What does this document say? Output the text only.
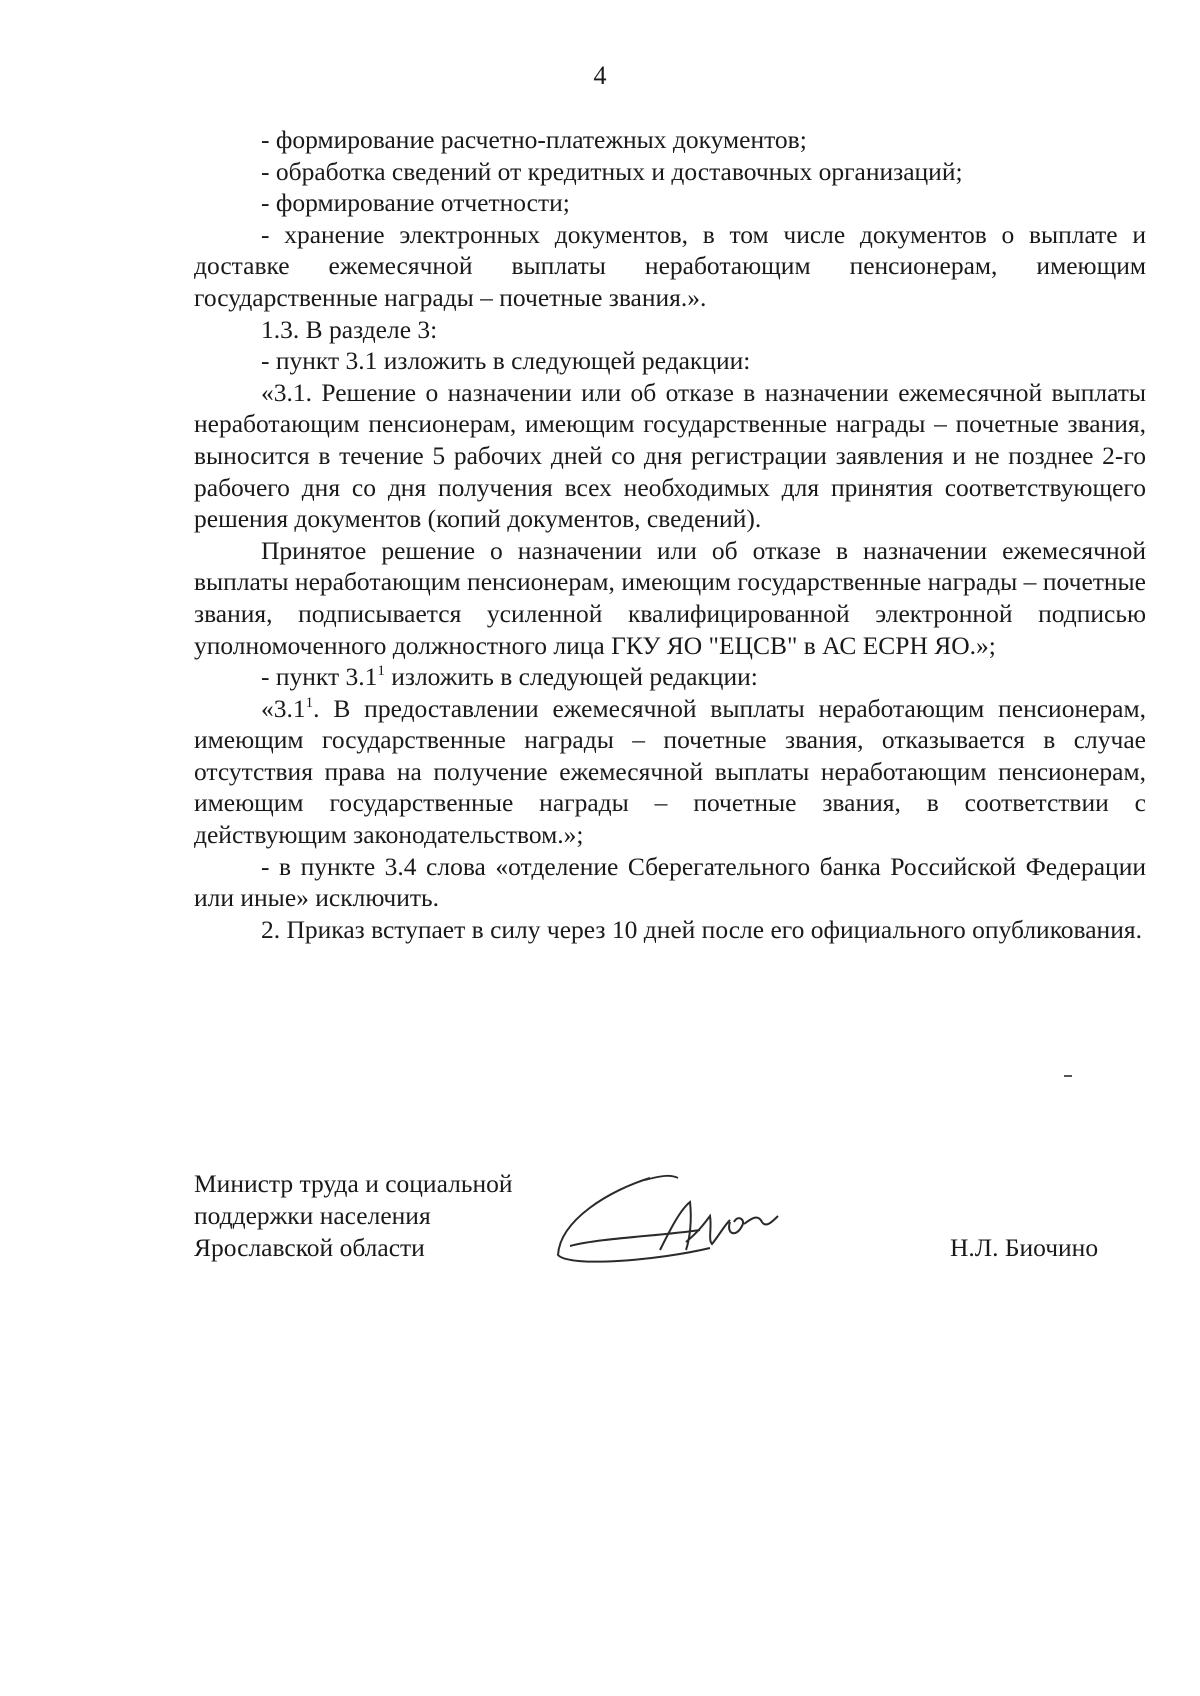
4

- формирование расчетно-платежных документов;

- обработка сведений от кредитных и доставочных организаций;

- формирование отчетности;

- хранение электронных документов, в том числе документов о выплате и доставке ежемесячной выплаты неработающим пенсионерам, имеющим государственные награды – почетные звания.».

1.3. В разделе 3:

- пункт 3.1 изложить в следующей редакции:

«3.1. Решение о назначении или об отказе в назначении ежемесячной выплаты неработающим пенсионерам, имеющим государственные награды – почетные звания, выносится в течение 5 рабочих дней со дня регистрации заявления и не позднее 2-го рабочего дня со дня получения всех необходимых для принятия соответствующего решения документов (копий документов, сведений).

Принятое решение о назначении или об отказе в назначении ежемесячной выплаты неработающим пенсионерам, имеющим государственные награды – почетные звания, подписывается усиленной квалифицированной электронной подписью уполномоченного должностного лица ГКУ ЯО "ЕЦСВ" в АС ЕСРН ЯО.»;

- пункт $3.1^1$ изложить в следующей редакции:

«$3.1^1$. В предоставлении ежемесячной выплаты неработающим пенсионерам, имеющим государственные награды – почетные звания, отказывается в случае отсутствия права на получение ежемесячной выплаты неработающим пенсионерам, имеющим государственные награды – почетные звания, в соответствии с действующим законодательством.»;

- в пункте 3.4 слова «отделение Сберегательного банка Российской Федерации или иные» исключить.

2. Приказ вступает в силу через 10 дней после его официального опубликования.

Министр труда и социальной
поддержки населения
Ярославской области	Н.Л. Биочино
